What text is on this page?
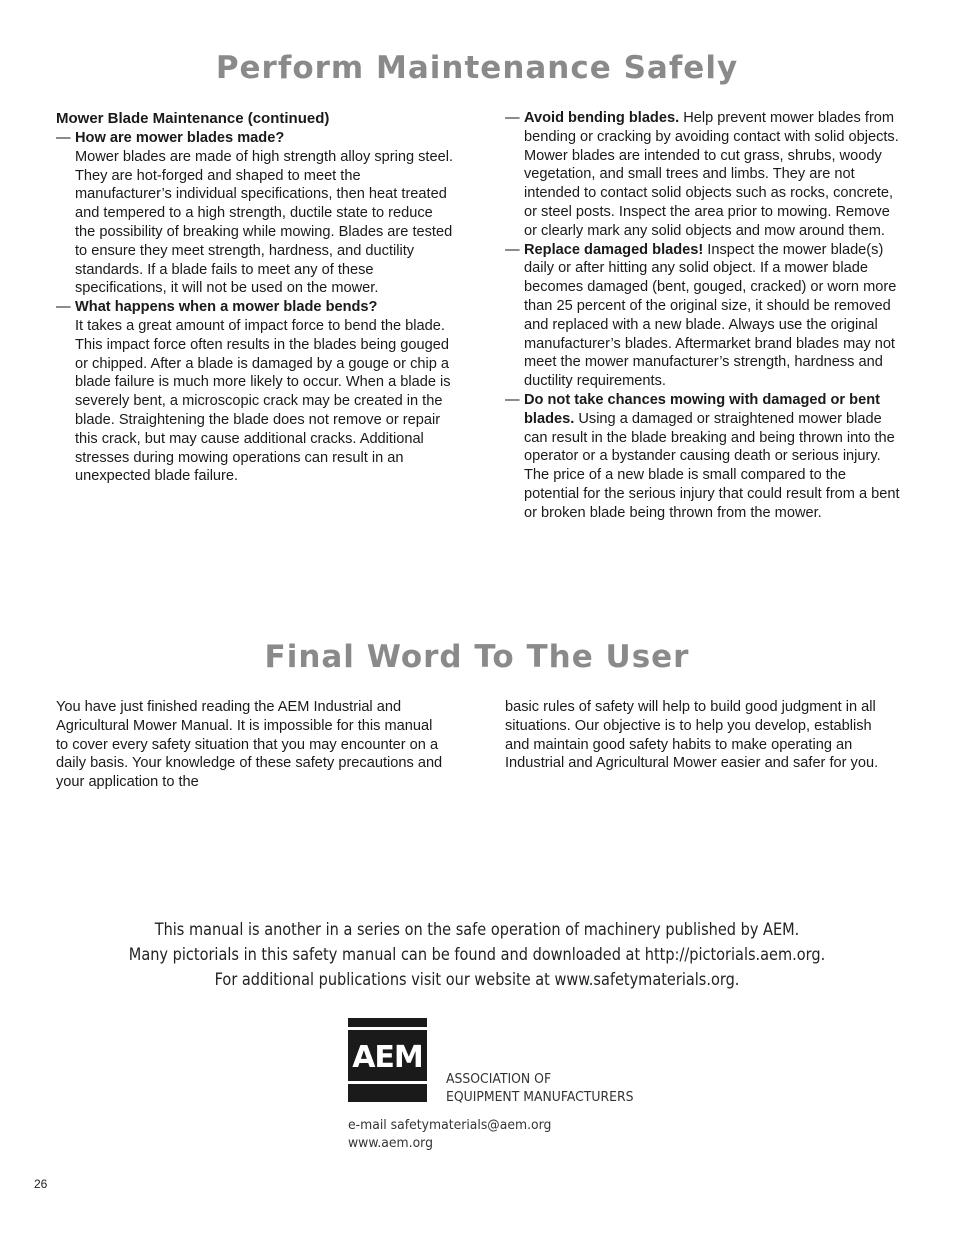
Perform Maintenance Safely

Mower Blade Maintenance (continued)

— How are mower blades made?
Mower blades are made of high strength alloy spring steel. They are hot-forged and shaped to meet the manufacturer’s individual specifications, then heat treated and tempered to a high strength, ductile state to reduce the possibility of breaking while mowing. Blades are tested to ensure they meet strength, hardness, and ductility standards. If a blade fails to meet any of these specifications, it will not be used on the mower.
— What happens when a mower blade bends?
It takes a great amount of impact force to bend the blade. This impact force often results in the blades being gouged or chipped. After a blade is damaged by a gouge or chip a blade failure is much more likely to occur. When a blade is severely bent, a microscopic crack may be created in the blade. Straightening the blade does not remove or repair this crack, but may cause additional cracks. Additional stresses during mowing operations can result in an unexpected blade failure.
— Avoid bending blades. Help prevent mower blades from bending or cracking by avoiding contact with solid objects. Mower blades are intended to cut grass, shrubs, woody vegetation, and small trees and limbs. They are not intended to contact solid objects such as rocks, concrete, or steel posts. Inspect the area prior to mowing. Remove or clearly mark any solid objects and mow around them.
— Replace damaged blades! Inspect the mower blade(s) daily or after hitting any solid object. If a mower blade becomes damaged (bent, gouged, cracked) or worn more than 25 percent of the original size, it should be removed and replaced with a new blade. Always use the original manufacturer’s blades. Aftermarket brand blades may not meet the mower manufacturer’s strength, hardness and ductility requirements.
— Do not take chances mowing with damaged or bent blades. Using a damaged or straightened mower blade can result in the blade breaking and being thrown into the operator or a bystander causing death or serious injury. The price of a new blade is small compared to the potential for the serious injury that could result from a bent or broken blade being thrown from the mower.
Final Word To The User

You have just finished reading the AEM Industrial and Agricultural Mower Manual. It is impossible for this manual to cover every safety situation that you may encounter on a daily basis. Your knowledge of these safety precautions and your application to the

basic rules of safety will help to build good judgment in all situations. Our objective is to help you develop, establish and maintain good safety habits to make operating an Industrial and Agricultural Mower easier and safer for you.

This manual is another in a series on the safe operation of machinery published by AEM.
Many pictorials in this safety manual can be found and downloaded at http://pictorials.aem.org.
For additional publications visit our website at www.safetymaterials.org.
AEM
ASSOCIATION OF
EQUIPMENT MANUFACTURERS
e-mail safetymaterials@aem.org
www.aem.org
26
